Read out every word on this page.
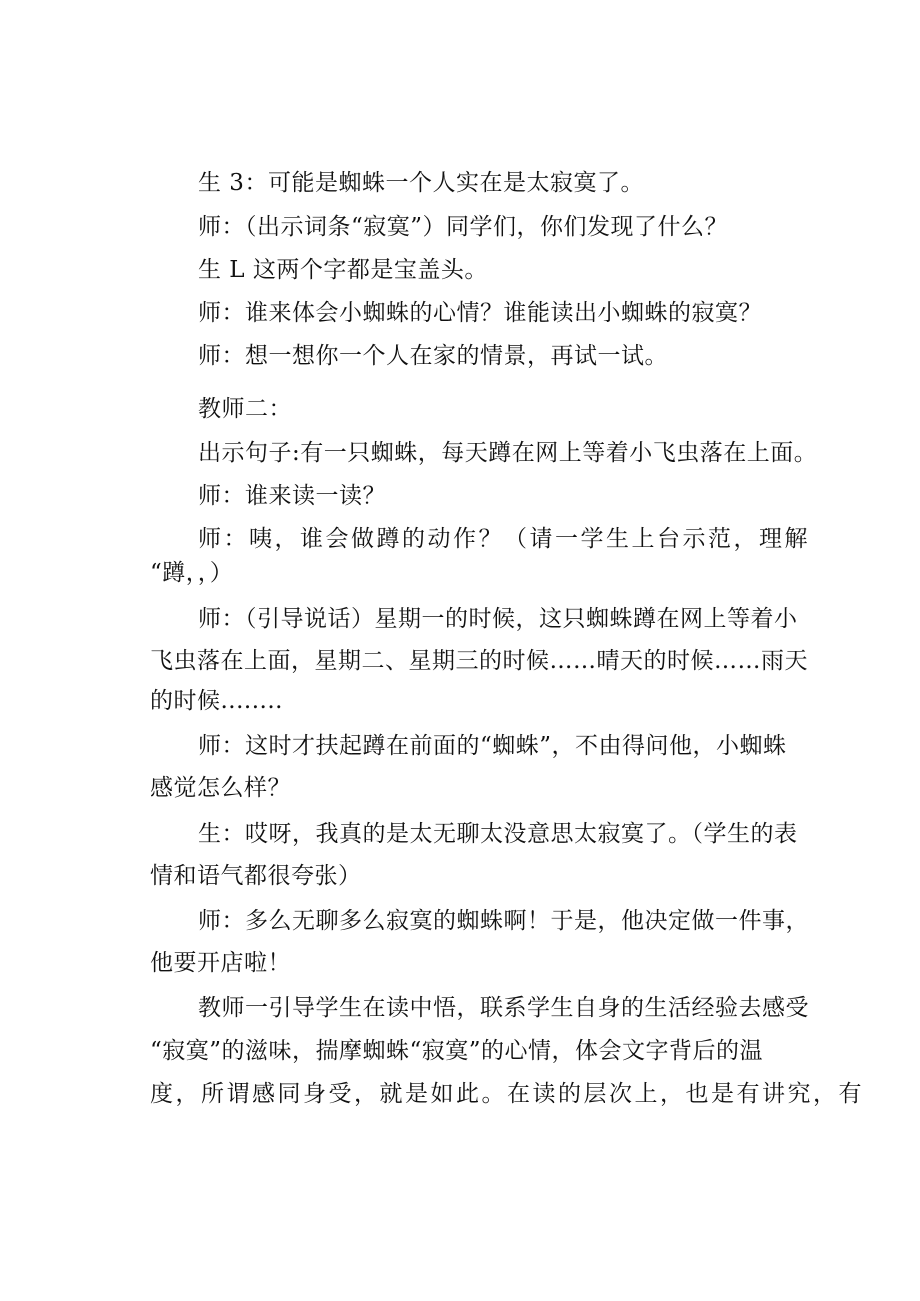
生 3：可能是蜘蛛一个人实在是太寂寞了。

师：（出示词条“寂寞”）同学们，你们发现了什么？

生 L 这两个字都是宝盖头。

师：谁来体会小蜘蛛的心情？谁能读出小蜘蛛的寂寞？

师：想一想你一个人在家的情景，再试一试。

教师二：

出示句子:有一只蜘蛛，每天蹲在网上等着小飞虫落在上面。

师：谁来读一读？

师：咦，谁会做蹲的动作？（请一学生上台示范，理解

“蹲，，）

师：（引导说话）星期一的时候，这只蜘蛛蹲在网上等着小

飞虫落在上面，星期二、星期三的时候……晴天的时候……雨天

的时候........

师：这时才扶起蹲在前面的“蜘蛛”，不由得问他，小蜘蛛

感觉怎么样？

生：哎呀，我真的是太无聊太没意思太寂寞了。（学生的表

情和语气都很夸张）

师：多么无聊多么寂寞的蜘蛛啊！于是，他决定做一件事，

他要开店啦！

教师一引导学生在读中悟，联系学生自身的生活经验去感受

“寂寞”的滋味，揣摩蜘蛛“寂寞”的心情，体会文字背后的温

度，所谓感同身受，就是如此。在读的层次上，也是有讲究，有
